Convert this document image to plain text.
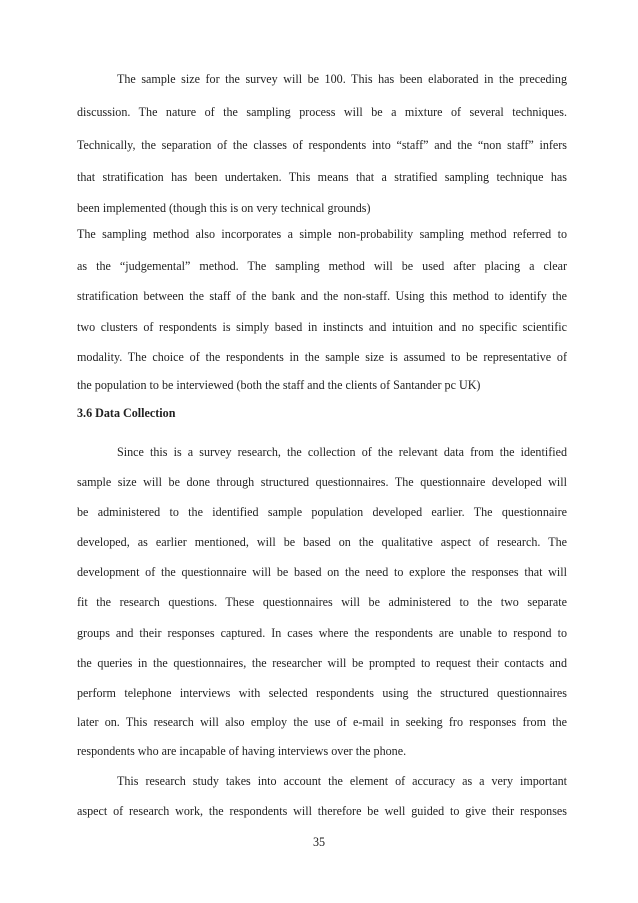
The sample size for the survey will be 100. This has been elaborated in the preceding
discussion. The nature of the sampling process will be a mixture of several techniques.
Technically, the separation of the classes of respondents into “staff” and the “non staff” infers
that stratification has been undertaken. This means that a stratified sampling technique has
been implemented (though this is on very technical grounds)
The sampling method also incorporates a simple non-probability sampling method referred to
as the “judgemental” method. The sampling method will be used after placing a clear
stratification between the staff of the bank and the non-staff. Using this method to identify the
two clusters of respondents is simply based in instincts and intuition and no specific scientific
modality. The choice of the respondents in the sample size is assumed to be representative of
the population to be interviewed (both the staff and the clients of Santander pc UK)
3.6 Data Collection
Since this is a survey research, the collection of the relevant data from the identified
sample size will be done through structured questionnaires. The questionnaire developed will
be administered to the identified sample population developed earlier. The questionnaire
developed, as earlier mentioned, will be based on the qualitative aspect of research. The
development of the questionnaire will be based on the need to explore the responses that will
fit the research questions. These questionnaires will be administered to the two separate
groups and their responses captured. In cases where the respondents are unable to respond to
the queries in the questionnaires, the researcher will be prompted to request their contacts and
perform telephone interviews with selected respondents using the structured questionnaires
later on. This research will also employ the use of e-mail in seeking fro responses from the
respondents who are incapable of having interviews over the phone.
This research study takes into account the element of accuracy as a very important
aspect of research work, the respondents will therefore be well guided to give their responses
35
